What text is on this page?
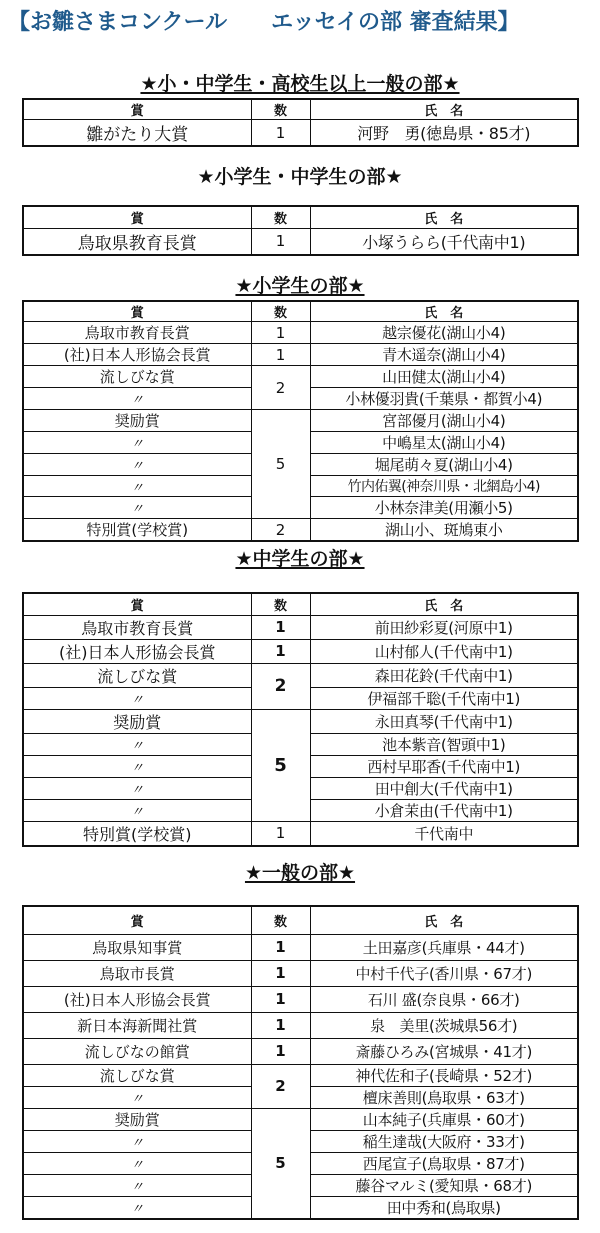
【お雛さまコンクール　　エッセイの部 審査結果】
★小・中学生・高校生以上一般の部★
賞	数	氏　名
雛がたり大賞	1	河野　勇(徳島県・85才)
★小学生・中学生の部★
賞	数	氏　名
鳥取県教育長賞	1	小塚うらら(千代南中1)
★小学生の部★
賞	数	氏　名
鳥取市教育長賞	1	越宗優花(湖山小4)
(社)日本人形協会長賞	1	青木遥奈(湖山小4)
流しびな賞	2	山田健太(湖山小4)
〃		小林優羽貴(千葉県・都賀小4)
奨励賞	5	宮部優月(湖山小4)
〃		中嶋星太(湖山小4)
〃		堀尾萌々夏(湖山小4)
〃		竹内佑翼(神奈川県・北網島小4)
〃		小林奈津美(用瀬小5)
特別賞(学校賞)	2	湖山小、斑鳩東小
★中学生の部★
賞	数	氏　名
鳥取市教育長賞	1	前田紗彩夏(河原中1)
(社)日本人形協会長賞	1	山村郁人(千代南中1)
流しびな賞	2	森田花鈴(千代南中1)
〃		伊福部千聡(千代南中1)
奨励賞	5	永田真琴(千代南中1)
〃		池本紫音(智頭中1)
〃		西村早耶香(千代南中1)
〃		田中創大(千代南中1)
〃		小倉茉由(千代南中1)
特別賞(学校賞)	1	千代南中
★一般の部★
賞	数	氏　名
鳥取県知事賞	1	土田嘉彦(兵庫県・44才)
鳥取市長賞	1	中村千代子(香川県・67才)
(社)日本人形協会長賞	1	石川 盛(奈良県・66才)
新日本海新聞社賞	1	泉　美里(茨城県56才)
流しびなの館賞	1	斎藤ひろみ(宮城県・41才)
流しびな賞	2	神代佐和子(長崎県・52才)
〃		檀床善則(鳥取県・63才)
奨励賞	5	山本純子(兵庫県・60才)
〃		稲生達哉(大阪府・33才)
〃		西尾宣子(鳥取県・87才)
〃		藤谷マルミ(愛知県・68才)
〃		田中秀和(鳥取県)
